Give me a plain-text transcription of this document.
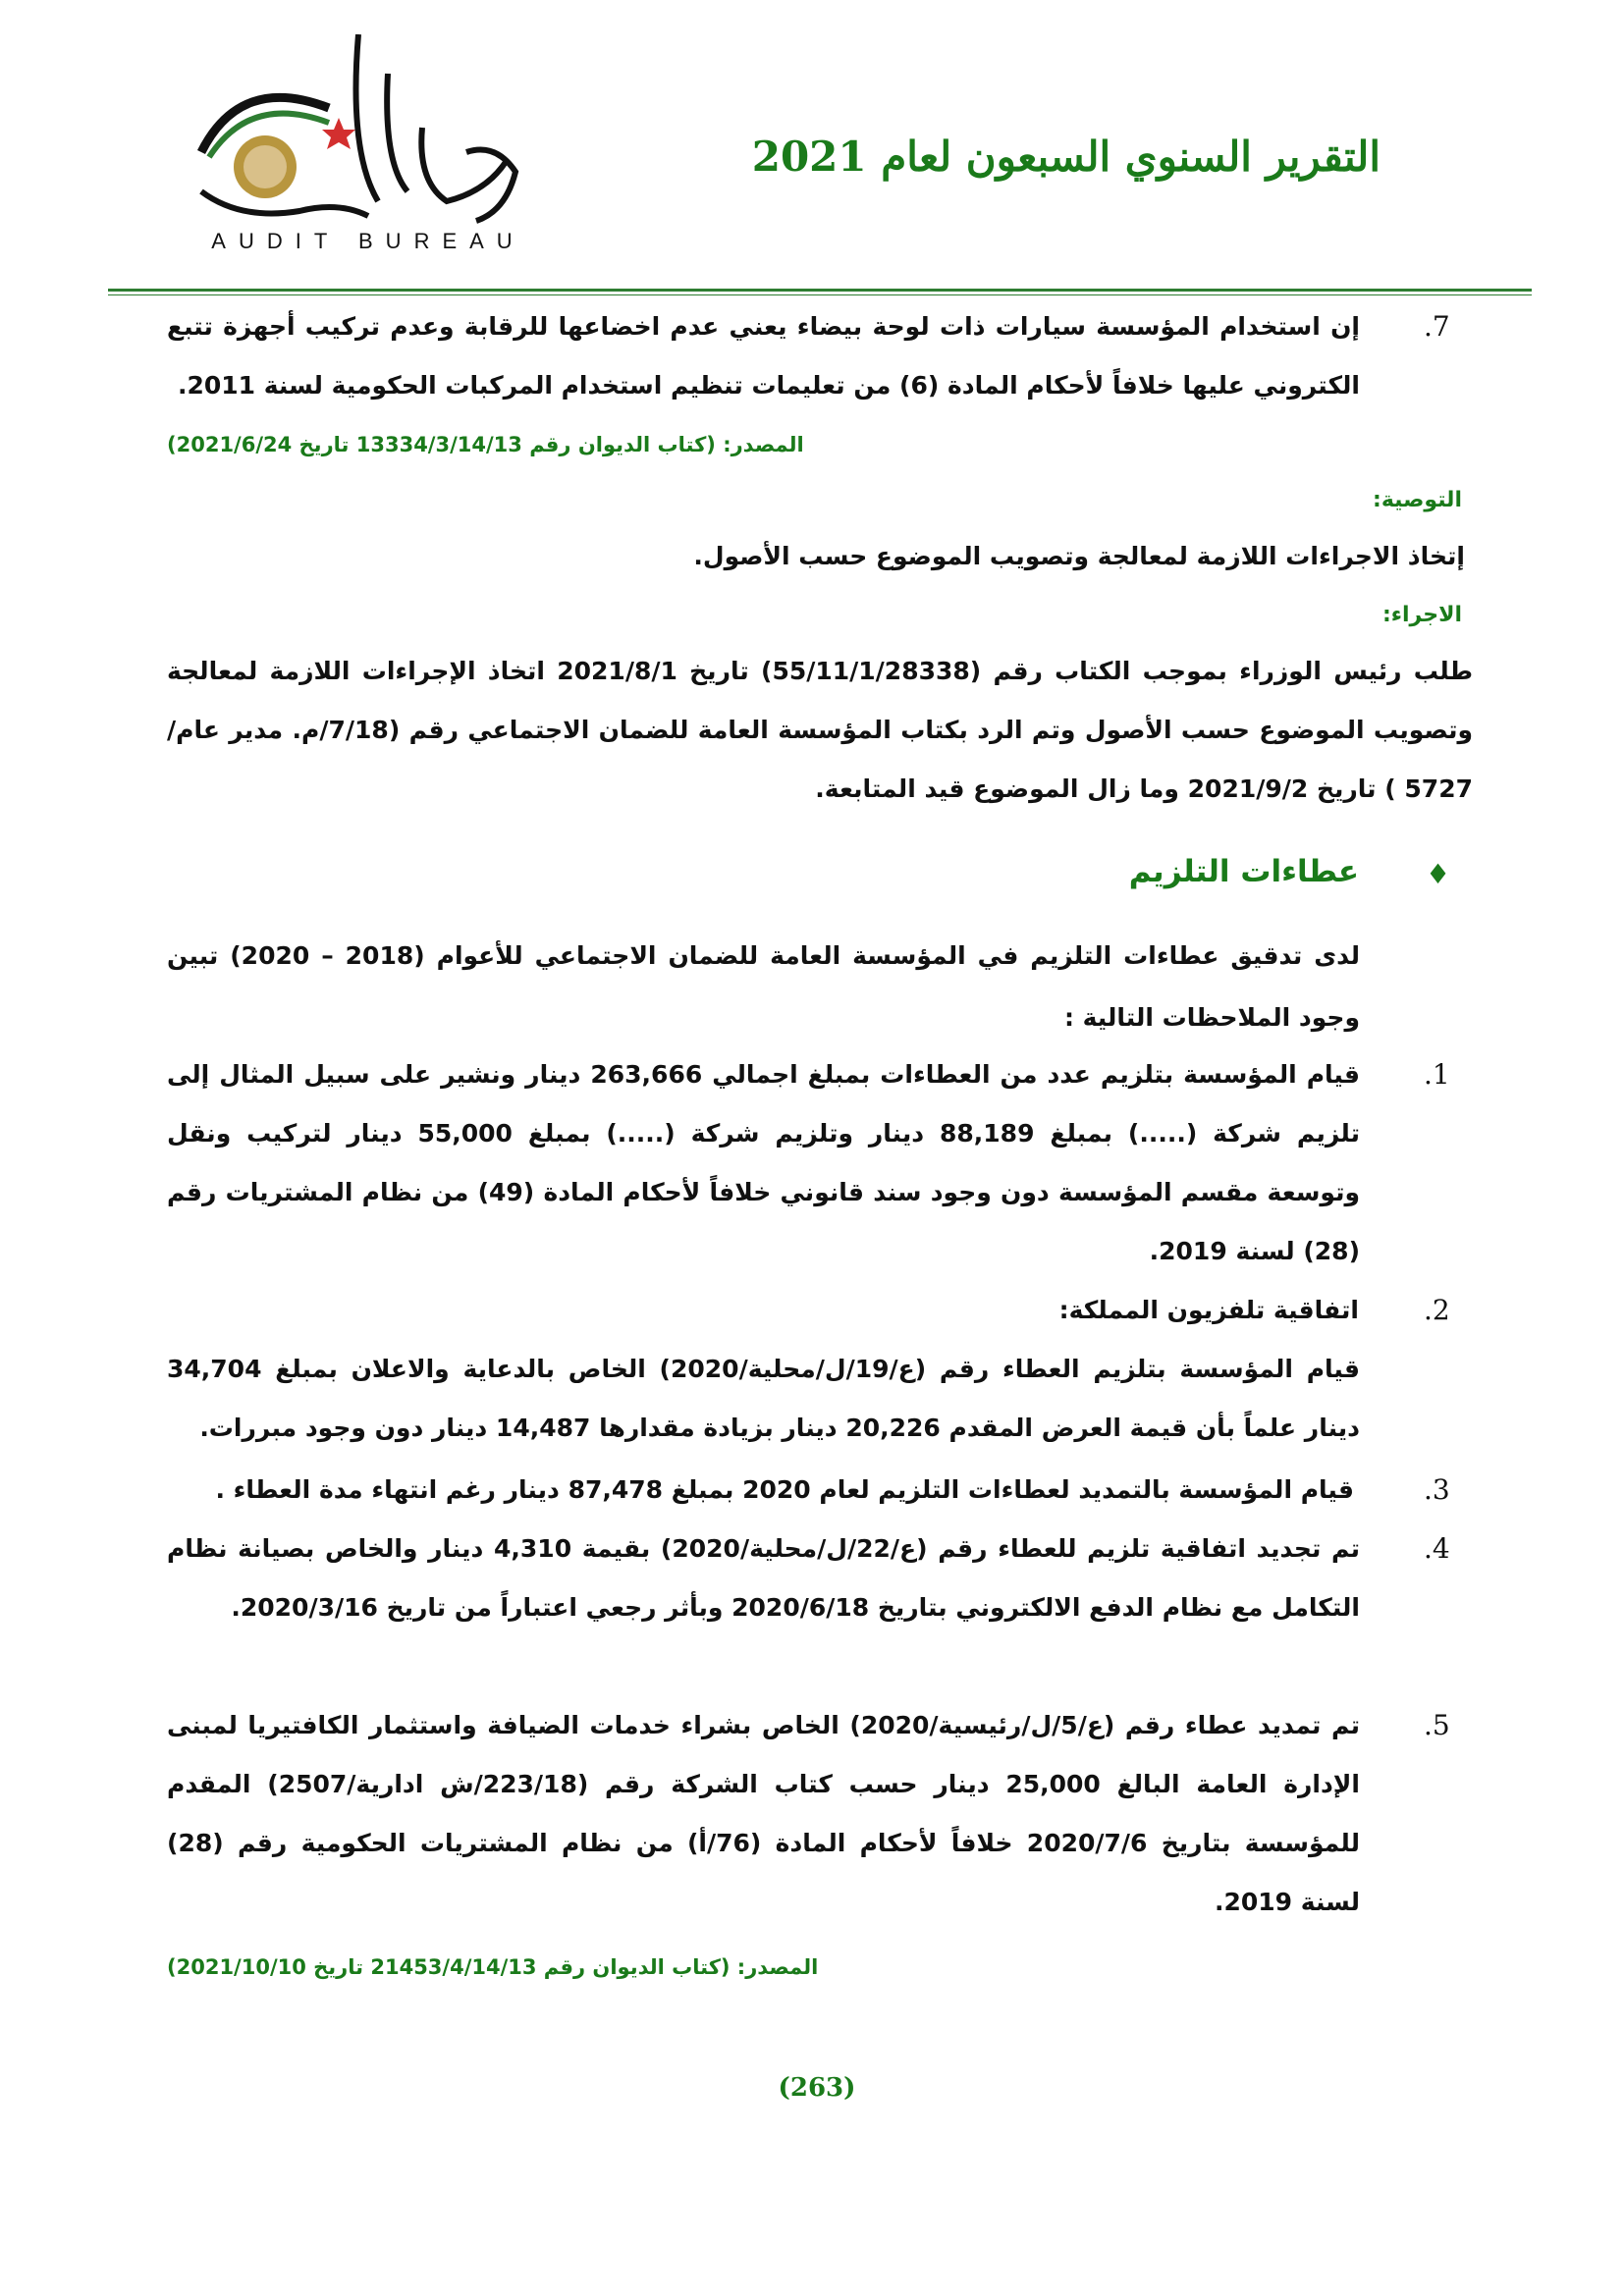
AUDIT BUREAU
التقرير السنوي السبعون لعام 2021
.7
إن استخدام المؤسسة سيارات ذات لوحة بيضاء يعني عدم اخضاعها للرقابة وعدم تركيب أجهزة تتبع الكتروني عليها خلافاً لأحكام المادة (6) من تعليمات تنظيم استخدام المركبات الحكومية لسنة 2011.
المصدر: (كتاب الديوان رقم 13334/3/14/13 تاريخ 2021/6/24)
التوصية:
إتخاذ الاجراءات اللازمة لمعالجة وتصويب الموضوع حسب الأصول.
الاجراء:
طلب رئيس الوزراء بموجب الكتاب رقم (55/11/1/28338) تاريخ 2021/8/1 اتخاذ الإجراءات اللازمة لمعالجة وتصويب الموضوع حسب الأصول وتم الرد بكتاب المؤسسة العامة للضمان الاجتماعي رقم (7/18/م. مدير عام/ 5727 ) تاريخ 2021/9/2 وما زال الموضوع قيد المتابعة.
♦
عطاءات التلزيم
لدى تدقيق عطاءات التلزيم في المؤسسة العامة للضمان الاجتماعي للأعوام (2018 – 2020) تبين وجود الملاحظات التالية :
.1
قيام المؤسسة بتلزيم عدد من العطاءات بمبلغ اجمالي 263,666 دينار ونشير على سبيل المثال إلى تلزيم شركة (.....) بمبلغ 88,189 دينار وتلزيم شركة (.....) بمبلغ 55,000 دينار لتركيب ونقل وتوسعة مقسم المؤسسة دون وجود سند قانوني خلافاً لأحكام المادة (49) من نظام المشتريات رقم (28) لسنة 2019.
.2
اتفاقية تلفزيون المملكة:
قيام المؤسسة بتلزيم العطاء رقم (ع/19/ل/محلية/2020) الخاص بالدعاية والاعلان بمبلغ 34,704 دينار علماً بأن قيمة العرض المقدم 20,226 دينار بزيادة مقدارها 14,487 دينار دون وجود مبررات.
.3
قيام المؤسسة بالتمديد لعطاءات التلزيم لعام 2020 بمبلغ 87,478 دينار رغم انتهاء مدة العطاء .
.4
تم تجديد اتفاقية تلزيم للعطاء رقم (ع/22/ل/محلية/2020) بقيمة 4,310 دينار والخاص بصيانة نظام التكامل مع نظام الدفع الالكتروني بتاريخ 2020/6/18 وبأثر رجعي اعتباراً من تاريخ 2020/3/16.
.5
تم تمديد عطاء رقم (ع/5/ل/رئيسية/2020) الخاص بشراء خدمات الضيافة واستثمار الكافتيريا لمبنى الإدارة العامة البالغ 25,000 دينار حسب كتاب الشركة رقم (223/18/ش ادارية/2507) المقدم للمؤسسة بتاريخ 2020/7/6 خلافاً لأحكام المادة (76/أ) من نظام المشتريات الحكومية رقم (28) لسنة 2019.
المصدر: (كتاب الديوان رقم 21453/4/14/13 تاريخ 2021/10/10)
(263)
